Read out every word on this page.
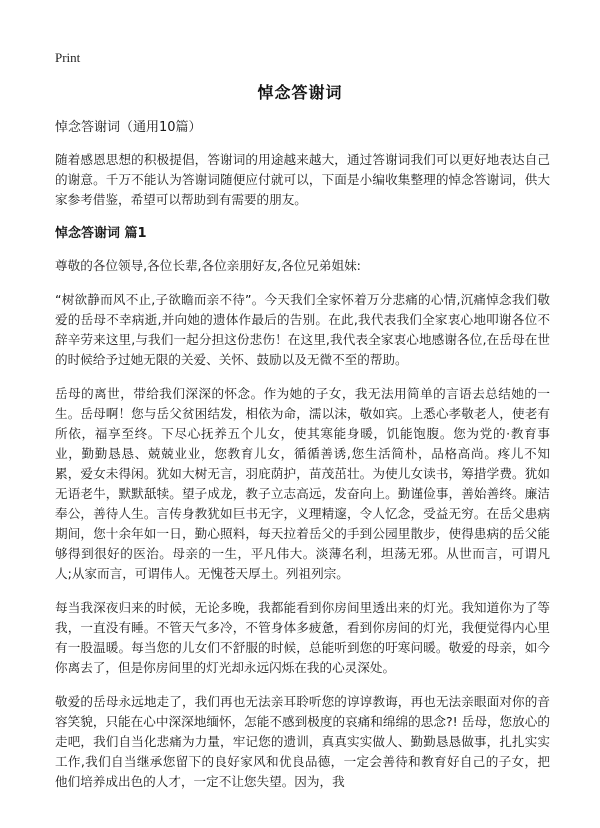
Print
悼念答谢词

悼念答谢词（通用10篇）

随着感恩思想的积极提倡，答谢词的用途越来越大，通过答谢词我们可以更好地表达自己的谢意。千万不能认为答谢词随便应付就可以，下面是小编收集整理的悼念答谢词，供大家参考借鉴，希望可以帮助到有需要的朋友。

悼念答谢词 篇1

尊敬的各位领导,各位长辈,各位亲朋好友,各位兄弟姐妹:

“树欲静而风不止,子欲瞻而亲不待”。今天我们全家怀着万分悲痛的心情,沉痛悼念我们敬爱的岳母不幸病逝,并向她的遗体作最后的告别。在此,我代表我们全家衷心地叩谢各位不辞辛劳来这里,与我们一起分担这份悲伤！在这里,我代表全家衷心地感谢各位,在岳母在世的时候给予过她无限的关爱、关怀、鼓励以及无微不至的帮助。

岳母的离世，带给我们深深的怀念。作为她的子女，我无法用简单的言语去总结她的一生。岳母啊！您与岳父贫困结发，相依为命，濡以沫，敬如宾。上悉心孝敬老人，使老有所依，福享至终。下尽心抚养五个儿女，使其寒能身暖，饥能饱腹。您为党的·教育事业，勤勤恳恳、兢兢业业，您教育儿女，循循善诱,您生活简朴，品格高尚。疼儿不知累，爱女未得闲。犹如大树无言，羽庇荫护，苗茂茁壮。为使儿女读书，筹措学费。犹如无语老牛，默默舐犊。望子成龙，教子立志高远，发奋向上。勤谨俭事，善始善终。廉洁奉公，善待人生。言传身教犹如巨书无字，义理精邃，令人忆念，受益无穷。在岳父患病期间，您十余年如一日，勤心照料，每天拉着岳父的手到公园里散步，使得患病的岳父能够得到很好的医治。母亲的一生，平凡伟大。淡薄名利，坦荡无邪。从世而言，可谓凡人;从家而言，可谓伟人。无愧苍天厚土。列祖列宗。

每当我深夜归来的时候，无论多晚，我都能看到你房间里透出来的灯光。我知道你为了等我，一直没有睡。不管天气多冷，不管身体多疲惫，看到你房间的灯光，我便觉得内心里有一股温暖。每当您的儿女们不舒服的时候，总能听到您的吁寒问暖。敬爱的母亲，如今你离去了，但是你房间里的灯光却永远闪烁在我的心灵深处。

敬爱的岳母永远地走了，我们再也无法亲耳聆听您的谆谆教诲，再也无法亲眼面对你的音容笑貌，只能在心中深深地缅怀，怎能不感到极度的哀痛和绵绵的思念?! 岳母，您放心的走吧，我们自当化悲痛为力量，牢记您的遗训，真真实实做人、勤勤恳恳做事，扎扎实实工作,我们自当继承您留下的良好家风和优良品德，一定会善待和教育好自己的子女，把他们培养成出色的人才，一定不让您失望。因为，我
